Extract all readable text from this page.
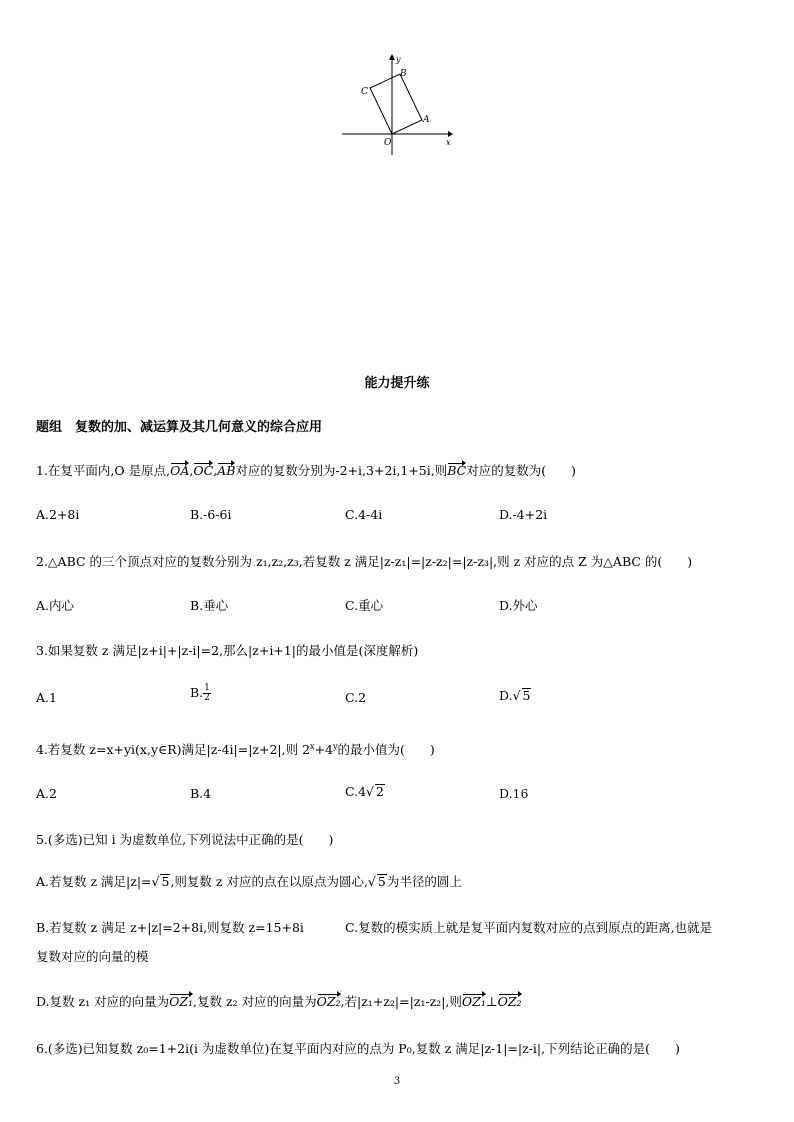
y
B
C
A
O	x
能力提升练
题组　复数的加、减运算及其几何意义的综合应用
1.在复平面内,O 是原点,OA,OC,AB对应的复数分别为-2+i,3+2i,1+5i,则BC对应的复数为(　　)
A.2+8i	B.-6-6i	C.4-4i	D.-4+2i
2.△ABC 的三个顶点对应的复数分别为 z₁,z₂,z₃,若复数 z 满足|z-z₁|=|z-z₂|=|z-z₃|,则 z 对应的点 Z 为△ABC 的(　　)
A.内心	B.垂心	C.重心	D.外心
3.如果复数 z 满足|z+i|+|z-i|=2,那么|z+i+1|的最小值是(深度解析)
A.1	B. $\frac{1}{2}$	C.2	D.√ 5
4.若复数 z=x+yi(x,y∈R)满足|z-4i|=|z+2|,则 $2^x+4^y$的最小值为(　　)
A.2	B.4	C.4√ 2	D.16
5.(多选)已知 i 为虚数单位,下列说法中正确的是(　　)
A.若复数 z 满足|z|=√ 5,则复数 z 对应的点在以原点为圆心,√ 5为半径的圆上
B.若复数 z 满足 z+|z|=2+8i,则复数 z=15+8i	C.复数的模实质上就是复平面内复数对应的点到原点的距离,也就是
复数对应的向量的模
D.复数 z₁ 对应的向量为OZ₁,复数 z₂ 对应的向量为OZ₂,若|z₁+z₂|=|z₁-z₂|,则OZ₁⊥OZ₂
6.(多选)已知复数 z₀=1+2i(i 为虚数单位)在复平面内对应的点为 P₀,复数 z 满足|z-1|=|z-i|,下列结论正确的是(　　)
3
